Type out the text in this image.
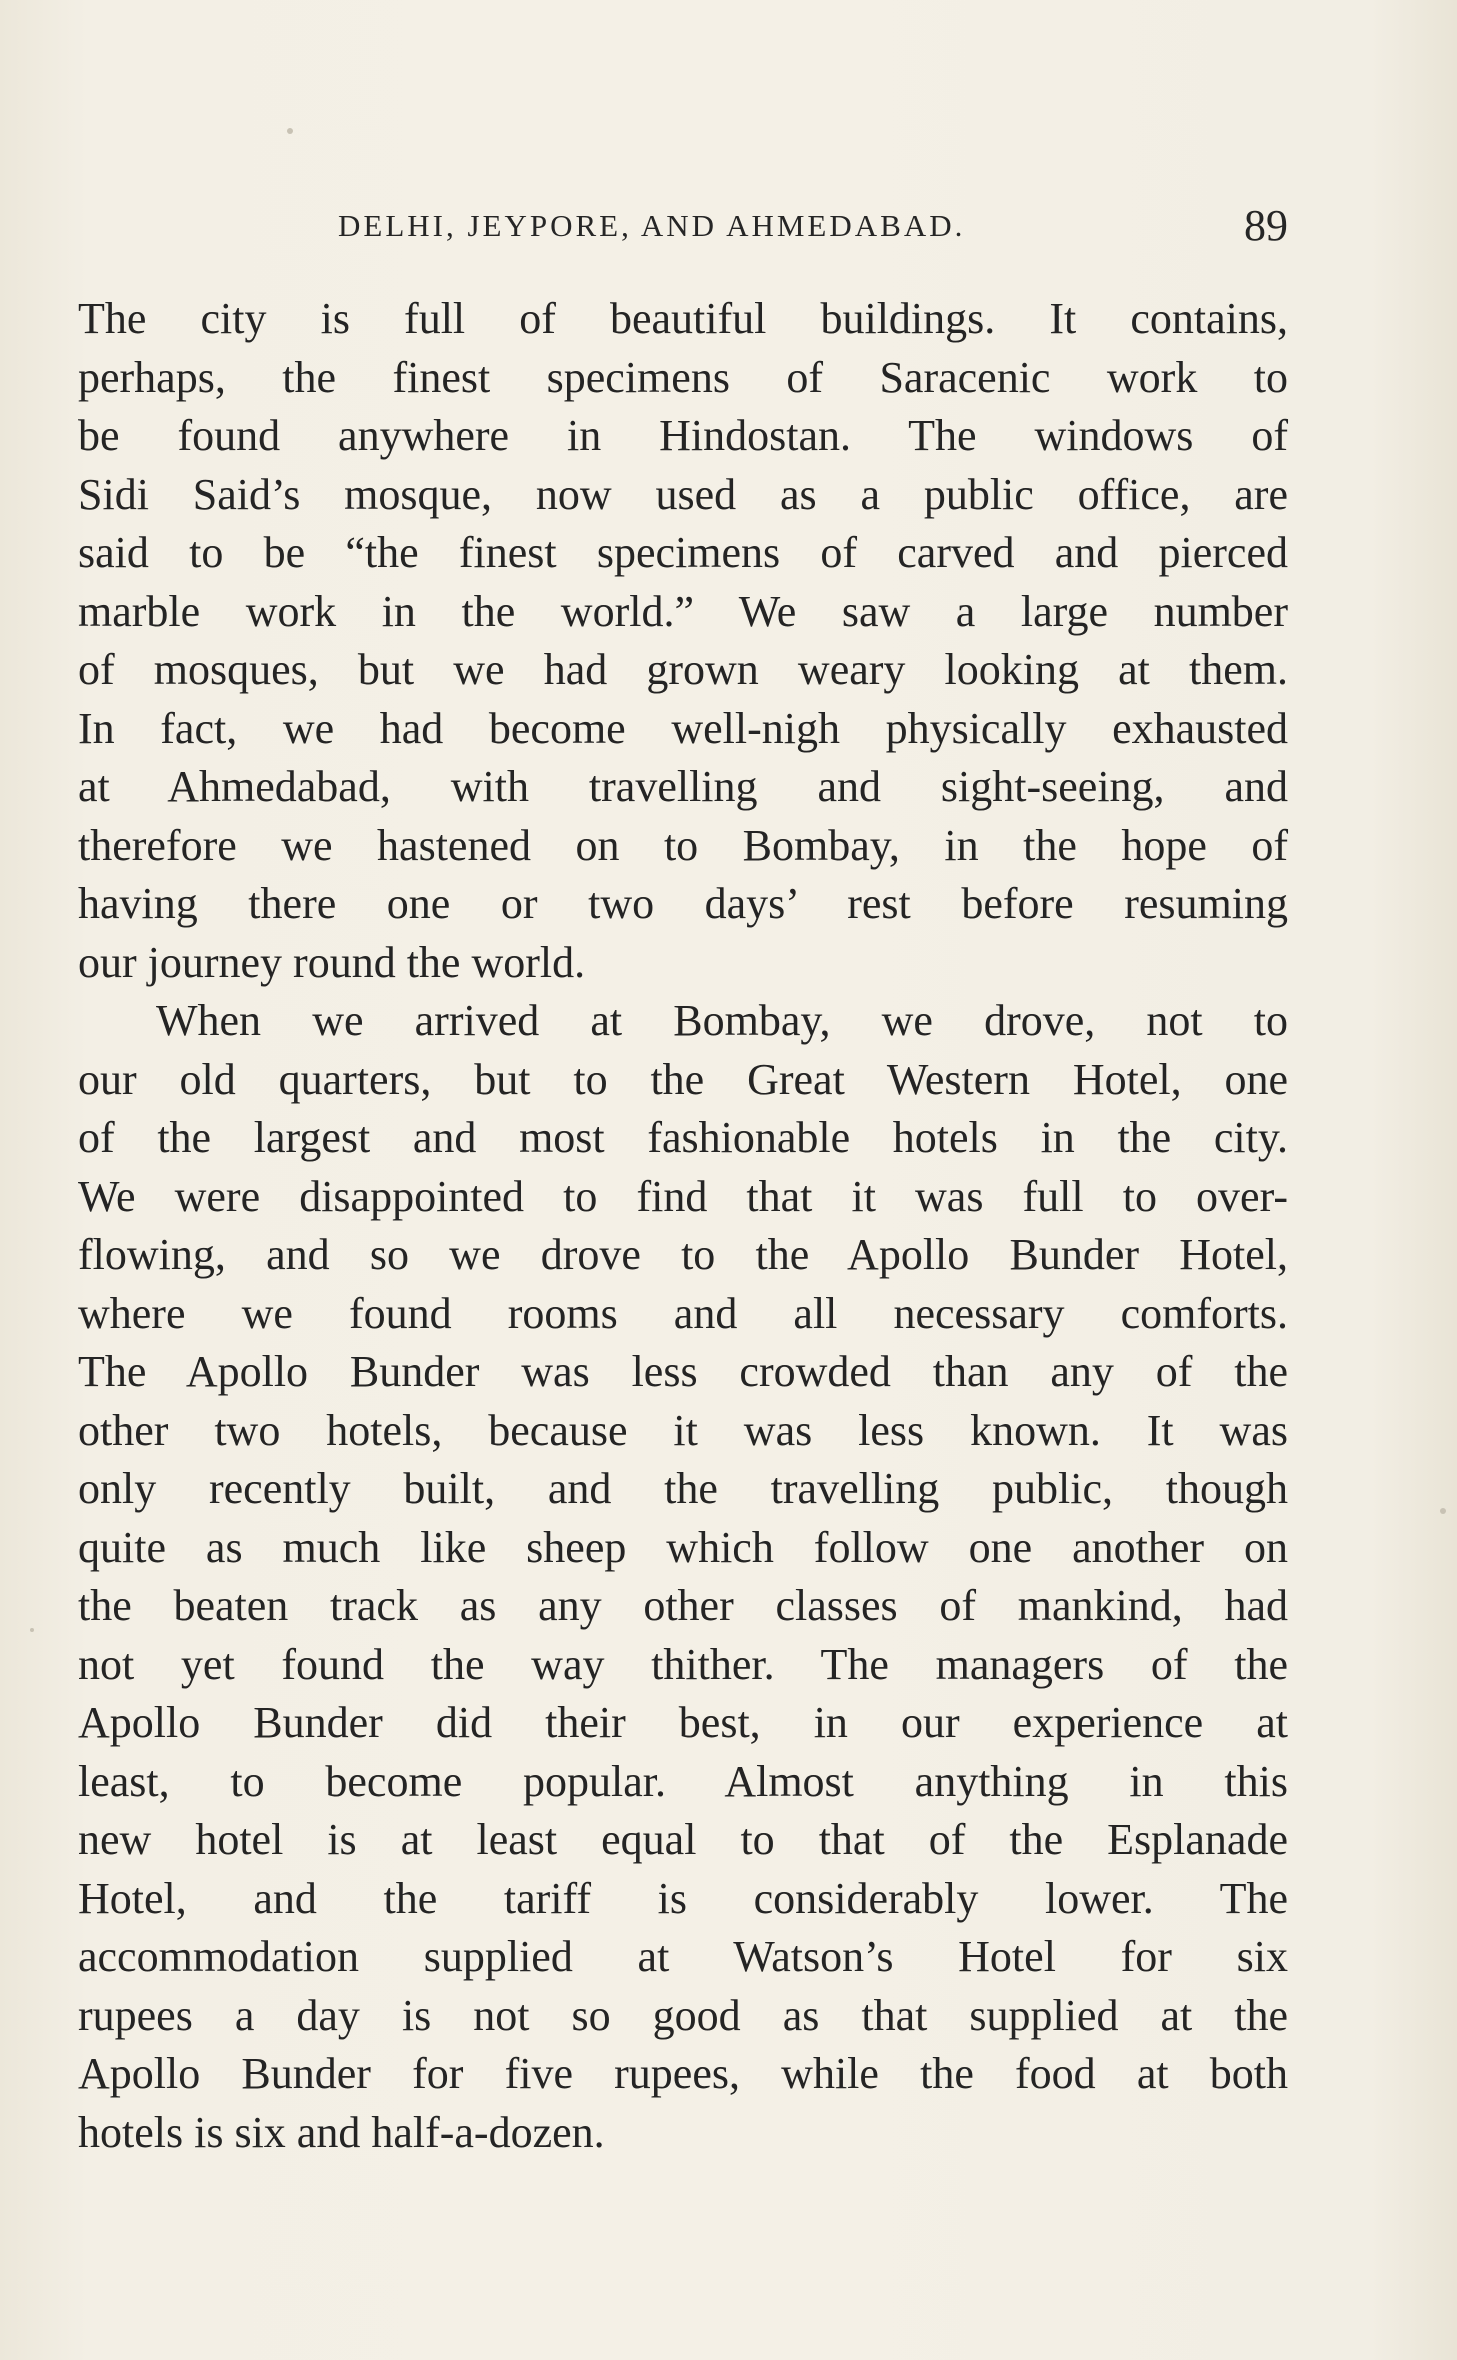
DELHI, JEYPORE, AND AHMEDABAD.	89
The city is full of beautiful buildings. It contains,
perhaps, the finest specimens of Saracenic work to
be found anywhere in Hindostan. The windows of
Sidi Said’s mosque, now used as a public office, are
said to be “the finest specimens of carved and pierced
marble work in the world.” We saw a large number
of mosques, but we had grown weary looking at them.
In fact, we had become well-nigh physically exhausted
at Ahmedabad, with travelling and sight-seeing, and
therefore we hastened on to Bombay, in the hope of
having there one or two days’ rest before resuming
our journey round the world.
When we arrived at Bombay, we drove, not to
our old quarters, but to the Great Western Hotel, one
of the largest and most fashionable hotels in the city.
We were disappointed to find that it was full to over-
flowing, and so we drove to the Apollo Bunder Hotel,
where we found rooms and all necessary comforts.
The Apollo Bunder was less crowded than any of the
other two hotels, because it was less known. It was
only recently built, and the travelling public, though
quite as much like sheep which follow one another on
the beaten track as any other classes of mankind, had
not yet found the way thither. The managers of the
Apollo Bunder did their best, in our experience at
least, to become popular. Almost anything in this
new hotel is at least equal to that of the Esplanade
Hotel, and the tariff is considerably lower. The
accommodation supplied at Watson’s Hotel for six
rupees a day is not so good as that supplied at the
Apollo Bunder for five rupees, while the food at both
hotels is six and half-a-dozen.
